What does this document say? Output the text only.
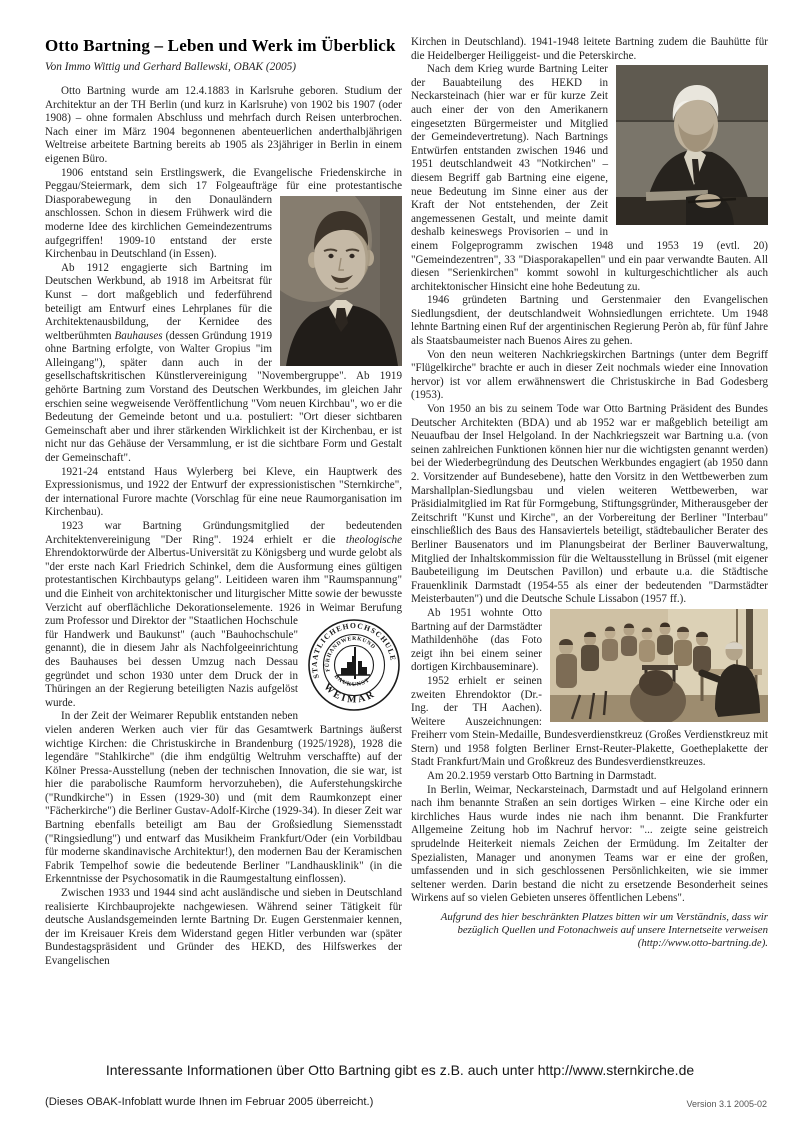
Otto Bartning – Leben und Werk im Überblick
Von Immo Wittig und Gerhard Ballewski, OBAK (2005)

Otto Bartning wurde am 12.4.1883 in Karlsruhe geboren. Studium der Architektur an der TH Berlin (und kurz in Karlsruhe) von 1902 bis 1907 (oder 1908) – ohne formalen Abschluss und mehrfach durch Reisen unterbrochen. Nach einer im März 1904 begonnenen abenteuerlichen anderthalbjährigen Weltreise arbeitete Bartning bereits ab 1905 als 23jähriger in Berlin in einem eigenen Büro.

1906 entstand sein Erstlingswerk, die Evangelische Friedenskirche in Peggau/Steiermark, dem sich 17 Folgeaufträge für eine
protestantische Diasporabewegung in den Donauländern anschlossen. Schon in diesem Frühwerk wird die moderne Idee des kirchlichen Gemeindezentrums aufgegriffen! 1909-10 entstand der erste Kirchenbau in Deutschland (in Essen).

Ab 1912 engagierte sich Bartning im Deutschen Werkbund, ab 1918 im Arbeitsrat für Kunst – dort maßgeblich und federführend beteiligt am Entwurf eines Lehrplanes für die Architektenausbildung, der Kernidee des weltberühmten Bauhauses (dessen Gründung 1919 ohne Bartning erfolgte, von Walter Gropius "im Alleingang"), später dann auch in der gesellschaftskritischen Künstlervereinigung "Novembergruppe". Ab 1919 gehörte Bartning zum Vorstand des Deutschen Werkbundes, im gleichen Jahr erschien seine wegweisende Veröffentlichung "Vom neuen Kirchbau", wo er die Bedeutung der Gemeinde betont und u.a. postuliert: "Ort dieser sichtbaren Gemeinschaft aber und ihrer stärkenden Wirklichkeit ist der Kirchenbau, er ist nicht nur das Gehäuse der Versammlung, er ist die sichtbare Form und Gestalt der Gemeinschaft".

1921-24 entstand Haus Wylerberg bei Kleve, ein Hauptwerk des Expressionismus, und 1922 der Entwurf der expressionistischen "Sternkirche", der international Furore machte (Vorschlag für eine neue Raumorganisation im Kirchenbau).

1923 war Bartning Gründungsmitglied der bedeutenden Architektenvereinigung "Der Ring". 1924 erhielt er die theologische Ehrendoktorwürde der Albertus-Universität zu Königsberg und wurde gelobt als "der erste nach Karl Friedrich Schinkel, dem die Ausformung eines gültigen protestantischen Kirchbautyps gelang". Leitideen waren ihm "Raumspannung" und die Einheit von architektonischer und liturgischer Mitte sowie der bewusste Verzicht auf oberflächliche Dekorationselemente. 1926 in Weimar
STAATLICHEHOCHSCHULE
WEIMAR
FÜRHANDWERKUND
BAUKUNST
Berufung zum Professor und Direktor der "Staatlichen Hochschule für Handwerk und Baukunst" (auch "Bauhochschule" genannt), die in diesem Jahr als Nachfolgeeinrichtung des Bauhauses bei dessen Umzug nach Dessau gegründet und schon 1930 unter dem Druck der in Thüringen an der Regierung beteiligten Nazis aufgelöst wurde.

In der Zeit der Weimarer Republik entstanden neben vielen anderen Werken auch vier für das Gesamtwerk Bartnings äußerst wichtige Kirchen: die Christuskirche in Brandenburg (1925/1928), 1928 die legendäre "Stahlkirche" (die ihm endgültig Weltruhm verschaffte) auf der Kölner Pressa-Ausstellung (neben der technischen Innovation, die sie war, ist hier die parabolische Raumform hervorzuheben), die Auferstehungskirche ("Rundkirche") in Essen (1929-30) und (mit dem Raumkonzept einer "Fächerkirche") die Berliner Gustav-Adolf-Kirche (1929-34). In dieser Zeit war Bartning ebenfalls beteiligt am Bau der Großsiedlung Siemensstadt ("Ringsiedlung") und entwarf das Musikheim Frankfurt/Oder (ein Vorbildbau für moderne skandinavische Architektur!), den modernen Bau der Keramischen Fabrik Tempelhof sowie die bedeutende Berliner "Landhausklinik" (in die Erkenntnisse der Psychosomatik in die Raumgestaltung einflossen).

Zwischen 1933 und 1944 sind acht ausländische und sieben in Deutschland realisierte Kirchbauprojekte nachgewiesen. Während seiner Tätigkeit für deutsche Auslandsgemeinden lernte Bartning Dr. Eugen Gerstenmaier kennen, der im Kreisauer Kreis dem Widerstand gegen Hitler verbunden war (später Bundestagspräsident und Gründer des HEKD, des Hilfswerkes der Evangelischen

Kirchen in Deutschland). 1941-1948 leitete Bartning zudem die Bauhütte für die Heidelberger Heiliggeist- und die Peterskirche.

Nach dem Krieg wurde Bartning Leiter der Bauabteilung des HEKD in Neckarsteinach (hier war er für kurze Zeit auch einer der von den Amerikanern eingesetzten Bürgermeister und Mitglied der Gemeindevertretung). Nach Bartnings Entwürfen entstanden zwischen 1946 und 1951 deutschlandweit 43 "Notkirchen" – diesem Begriff gab Bartning eine eigene, neue Bedeutung im Sinne einer aus der Kraft der Not entstehenden, der Zeit angemessenen Gestalt, und meinte damit deshalb keineswegs Provisorien – und in einem Folgeprogramm zwischen 1948 und 1953 19 (evtl. 20) "Gemeindezentren", 33 "Diasporakapellen" und ein paar verwandte Bauten. All diesen "Serienkirchen" kommt sowohl in kulturgeschichtlicher als auch architektonischer Hinsicht eine hohe Bedeutung zu.

1946 gründeten Bartning und Gerstenmaier den Evangelischen Siedlungsdient, der deutschlandweit Wohnsiedlungen errichtete. Um 1948 lehnte Bartning einen Ruf der argentinischen Regierung Peròn ab, für fünf Jahre als Staatsbaumeister nach Buenos Aires zu gehen.

Von den neun weiteren Nachkriegskirchen Bartnings (unter dem Begriff "Flügelkirche" brachte er auch in dieser Zeit nochmals wieder eine Innovation hervor) ist vor allem erwähnenswert die Christuskirche in Bad Godesberg (1953).

Von 1950 an bis zu seinem Tode war Otto Bartning Präsident des Bundes Deutscher Architekten (BDA) und ab 1952 war er maßgeblich beteiligt am Neuaufbau der Insel Helgoland. In der Nachkriegszeit war Bartning u.a. (von seinen zahlreichen Funktionen können hier nur die wichtigsten genannt werden) bei der Wiederbegründung des Deutschen Werkbundes engagiert (ab 1950 dann 2. Vorsitzender auf Bundesebene), hatte den Vorsitz in den Wettbewerben zum Marshallplan-Siedlungsbau und vielen weiteren Wettbewerben, war Präsidialmitglied im Rat für Formgebung, Stiftungsgründer, Mitherausgeber der Zeitschrift "Kunst und Kirche", an der Vorbereitung der Berliner "Interbau" einschließlich des Baus des Hansaviertels beteiligt, städtebaulicher Berater des Berliner Bausenators und im Planungsbeirat der Berliner Bauverwaltung, Mitglied der Inhaltskommission für die Weltausstellung in Brüssel (mit eigener Baubeteiligung im Deutschen Pavillon) und erbaute u.a. die Städtische Frauenklinik Darmstadt (1954-55 als einer der bedeutenden "Darmstädter Meisterbauten") und die Deutsche Schule Lissabon (1957 ff.).

Ab 1951 wohnte Otto Bartning auf der Darmstädter Mathildenhöhe (das Foto zeigt ihn bei einem seiner dortigen Kirchbauseminare).

1952 erhielt er seinen zweiten Ehrendoktor (Dr.-Ing. der TH Aachen). Weitere Auszeichnungen: Freiherr vom Stein-Medaille, Bundesverdienstkreuz (Großes Verdienstkreuz mit Stern) und 1958 folgten Berliner Ernst-Reuter-Plakette, Goetheplakette der Stadt Frankfurt/Main und Großkreuz des Bundesverdienstkreuzes.

Am 20.2.1959 verstarb Otto Bartning in Darmstadt.

In Berlin, Weimar, Neckarsteinach, Darmstadt und auf Helgoland erinnern nach ihm benannte Straßen an sein dortiges Wirken – eine Kirche oder ein kirchliches Haus wurde indes nie nach ihm benannt. Die Frankfurter Allgemeine Zeitung hob im Nachruf hervor: "... zeigte seine geistreich sprudelnde Heiterkeit niemals Zeichen der Ermüdung. Im Zeitalter der Spezialisten, Manager und anonymen Teams war er eine der großen, umfassenden und in sich geschlossenen Persönlichkeiten, wie sie immer seltener werden. Darin bestand die nicht zu ersetzende Besonderheit seines Wirkens auf so vielen Gebieten unseres öffentlichen Lebens".

Aufgrund des hier beschränkten Platzes bitten wir um Verständnis, dass wir bezüglich Quellen und Fotonachweis auf unsere Internetseite verweisen (http://www.otto-bartning.de).

Interessante Informationen über Otto Bartning gibt es z.B. auch unter http://www.sternkirche.de
(Dieses OBAK-Infoblatt wurde Ihnen im Februar 2005 überreicht.)	Version 3.1 2005-02
